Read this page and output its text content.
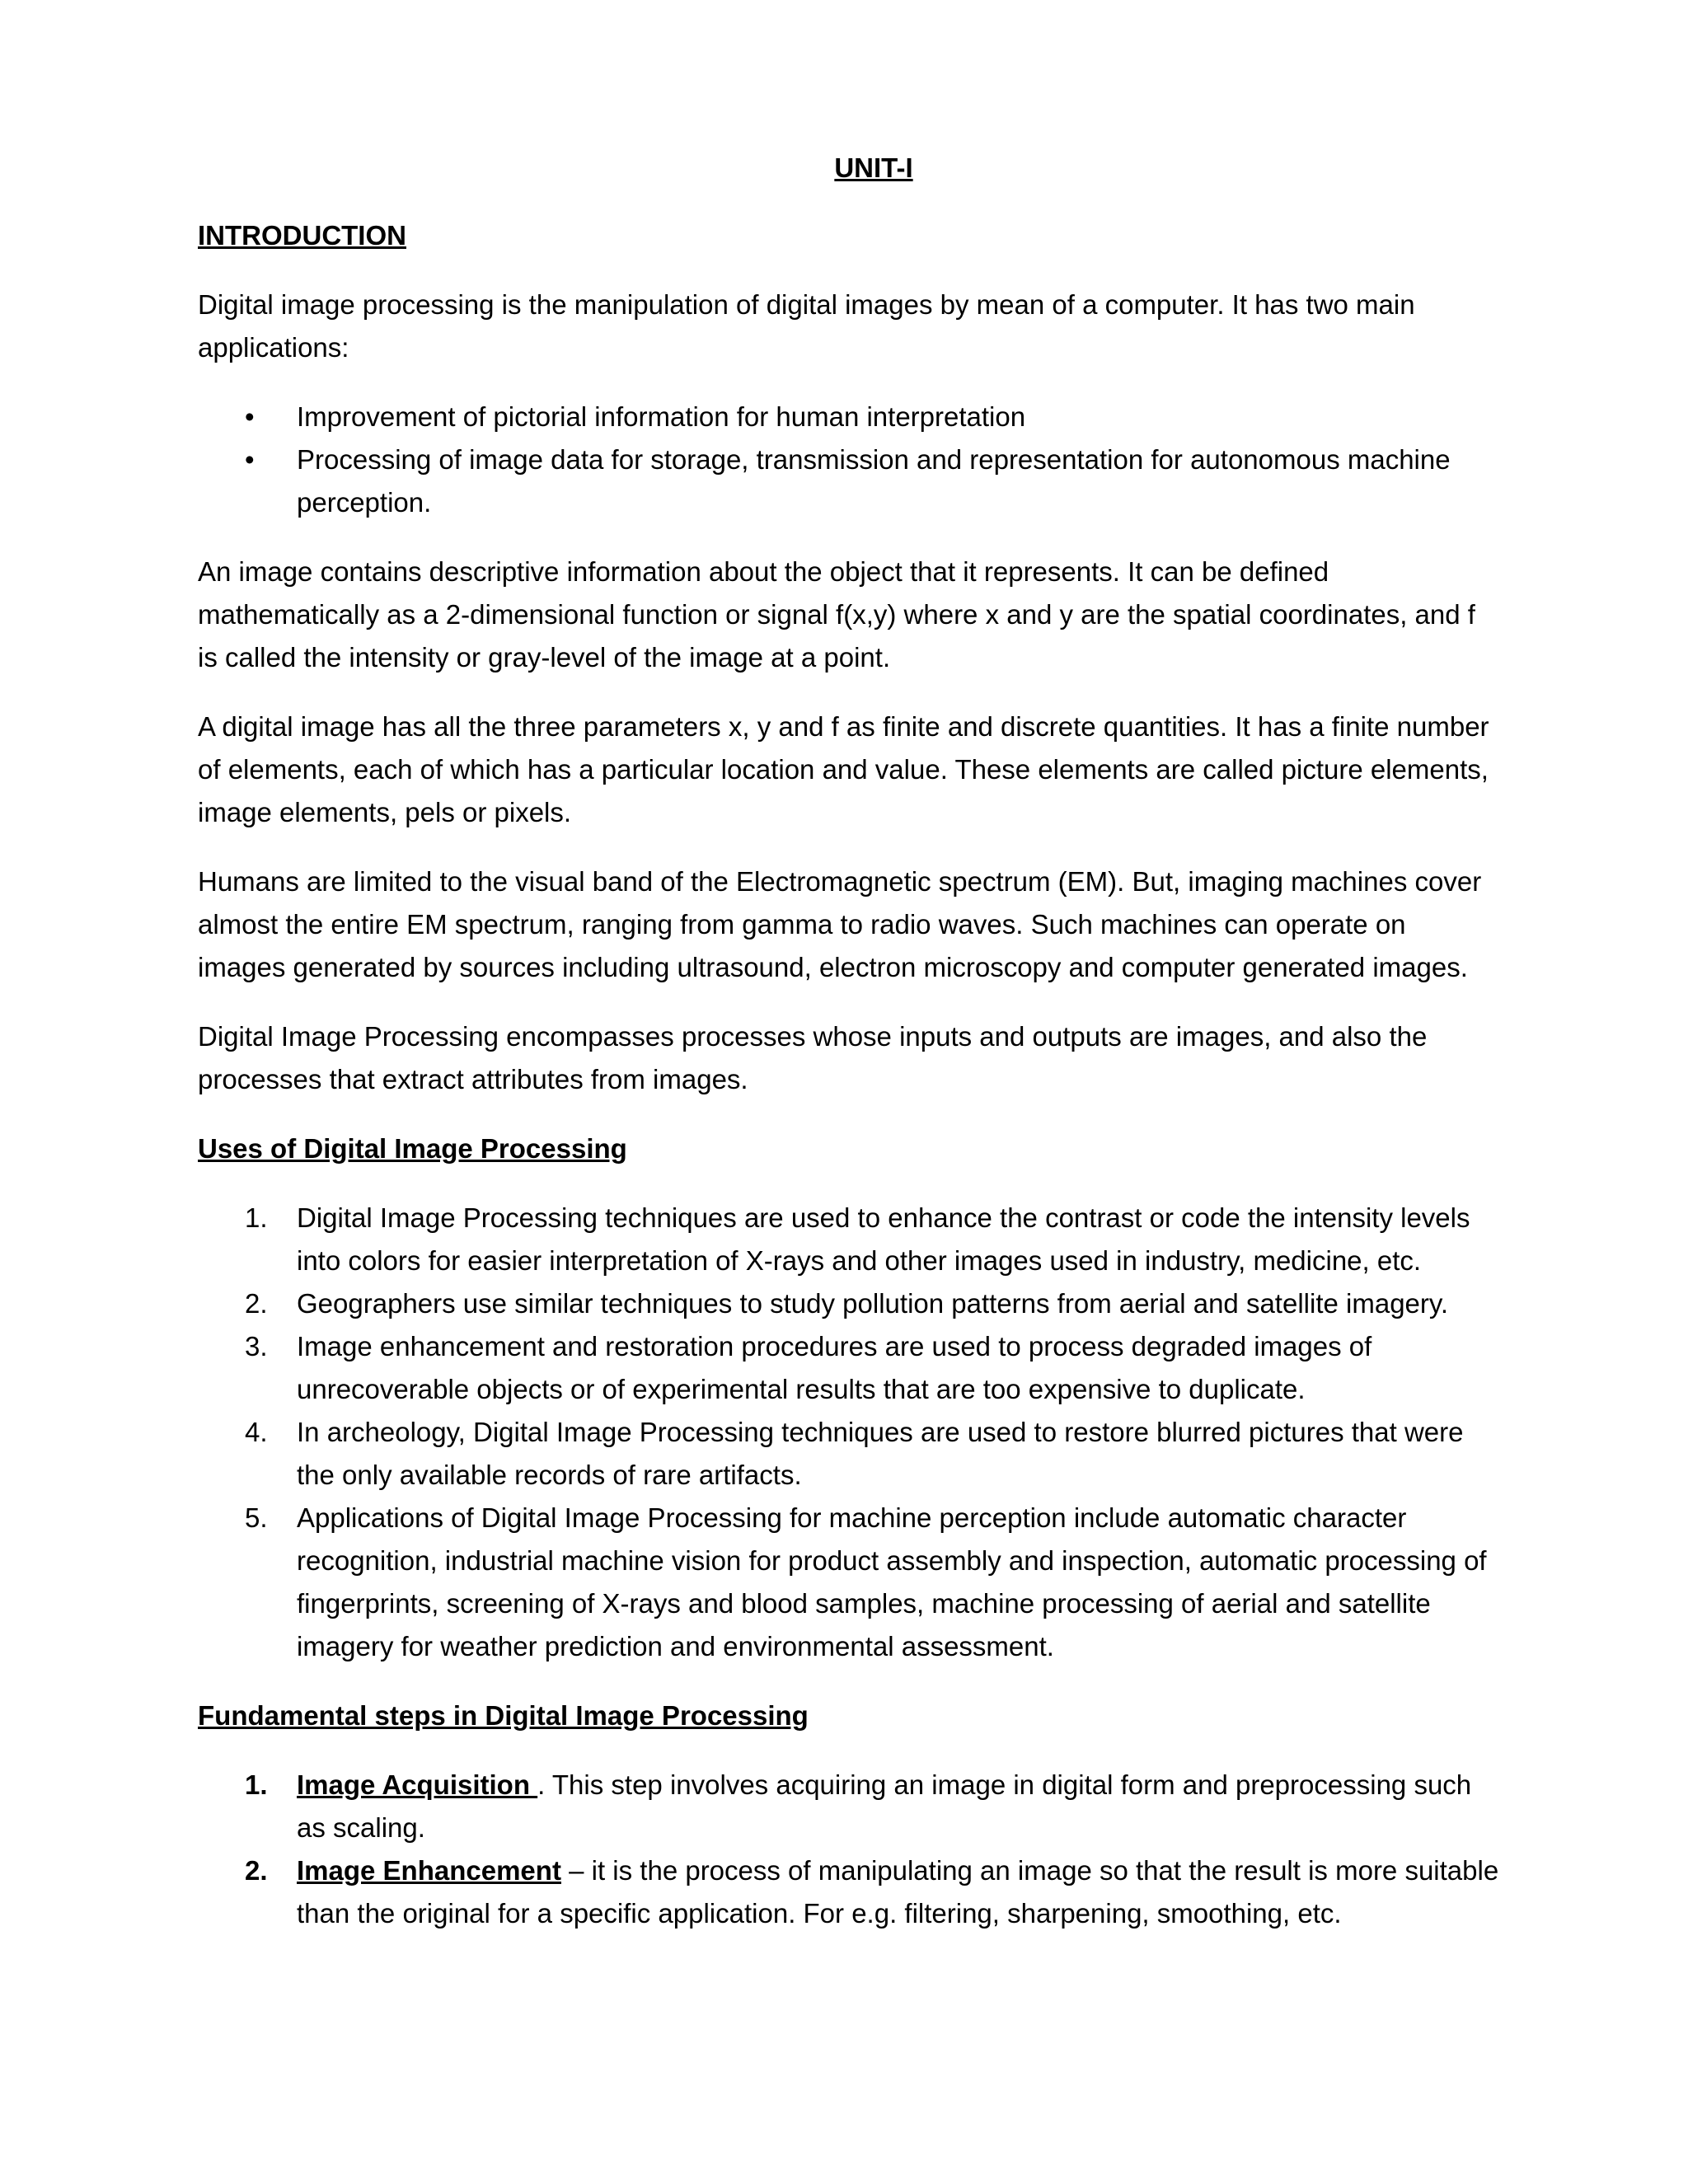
UNIT-I
INTRODUCTION

Digital image processing is the manipulation of digital images by mean of a computer. It has two main applications:

• Improvement of pictorial information for human interpretation
• Processing of image data for storage, transmission and representation for autonomous machine perception.

An image contains descriptive information about the object that it represents. It can be defined mathematically as a 2-dimensional function or signal f(x,y) where x and y are the spatial coordinates, and f is called the intensity or gray-level of the image at a point.

A digital image has all the three parameters x, y and f as finite and discrete quantities. It has a finite number of elements, each of which has a particular location and value. These elements are called picture elements, image elements, pels or pixels.

Humans are limited to the visual band of the Electromagnetic spectrum (EM). But, imaging machines cover almost the entire EM spectrum, ranging from gamma to radio waves. Such machines can operate on images generated by sources including ultrasound, electron microscopy and computer generated images.

Digital Image Processing encompasses processes whose inputs and outputs are images, and also the processes that extract attributes from images.

Uses of Digital Image Processing
1. Digital Image Processing techniques are used to enhance the contrast or code the intensity levels into colors for easier interpretation of X-rays and other images used in industry, medicine, etc.
2. Geographers use similar techniques to study pollution patterns from aerial and satellite imagery.
3. Image enhancement and restoration procedures are used to process degraded images of unrecoverable objects or of experimental results that are too expensive to duplicate.
4. In archeology, Digital Image Processing techniques are used to restore blurred pictures that were the only available records of rare artifacts.
5. Applications of Digital Image Processing for machine perception include automatic character recognition, industrial machine vision for product assembly and inspection, automatic processing of fingerprints, screening of X-rays and blood samples, machine processing of aerial and satellite imagery for weather prediction and environmental assessment.
Fundamental steps in Digital Image Processing
1. Image Acquisition . This step involves acquiring an image in digital form and preprocessing such as scaling.
2. Image Enhancement – it is the process of manipulating an image so that the result is more suitable than the original for a specific application. For e.g. filtering, sharpening, smoothing, etc.
